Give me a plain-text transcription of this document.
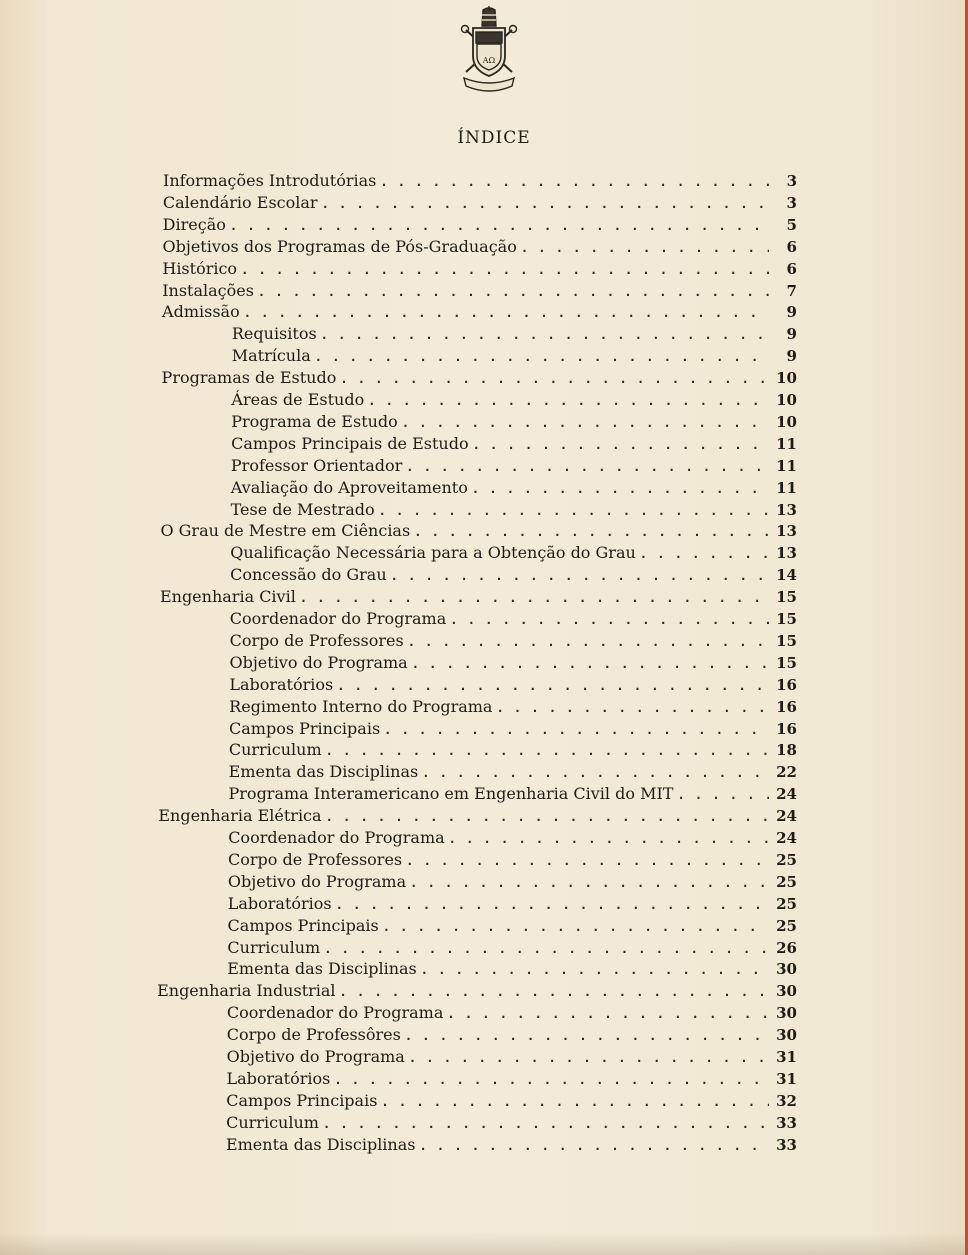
AΩ
ÍNDICE
Informações Introdutórias . . .	3
Calendário Escolar . . .	3
Direção . . .	5
Objetivos dos Programas de Pós-Graduação . . .	6
Histórico . . .	6
Instalações . . .	7
Admissão . . .	9
Requisitos . . .	9
Matrícula . . .	9
Programas de Estudo . . .	10
Áreas de Estudo . . .	10
Programa de Estudo . . .	10
Campos Principais de Estudo . . .	11
Professor Orientador . . .	11
Avaliação do Aproveitamento . . .	11
Tese de Mestrado . . .	13
O Grau de Mestre em Ciências . . .	13
Qualificação Necessária para a Obtenção do Grau . . .	13
Concessão do Grau . . .	14
Engenharia Civil . . .	15
Coordenador do Programa . . .	15
Corpo de Professores . . .	15
Objetivo do Programa . . .	15
Laboratórios . . .	16
Regimento Interno do Programa . . .	16
Campos Principais . . .	16
Curriculum . . .	18
Ementa das Disciplinas . . .	22
Programa Interamericano em Engenharia Civil do MIT . . .	24
Engenharia Elétrica . . .	24
Coordenador do Programa . . .	24
Corpo de Professores . . .	25
Objetivo do Programa . . .	25
Laboratórios . . .	25
Campos Principais . . .	25
Curriculum . . .	26
Ementa das Disciplinas . . .	30
Engenharia Industrial . . .	30
Coordenador do Programa . . .	30
Corpo de Professôres . . .	30
Objetivo do Programa . . .	31
Laboratórios . . .	31
Campos Principais . . .	32
Curriculum . . .	33
Ementa das Disciplinas . . .	33
